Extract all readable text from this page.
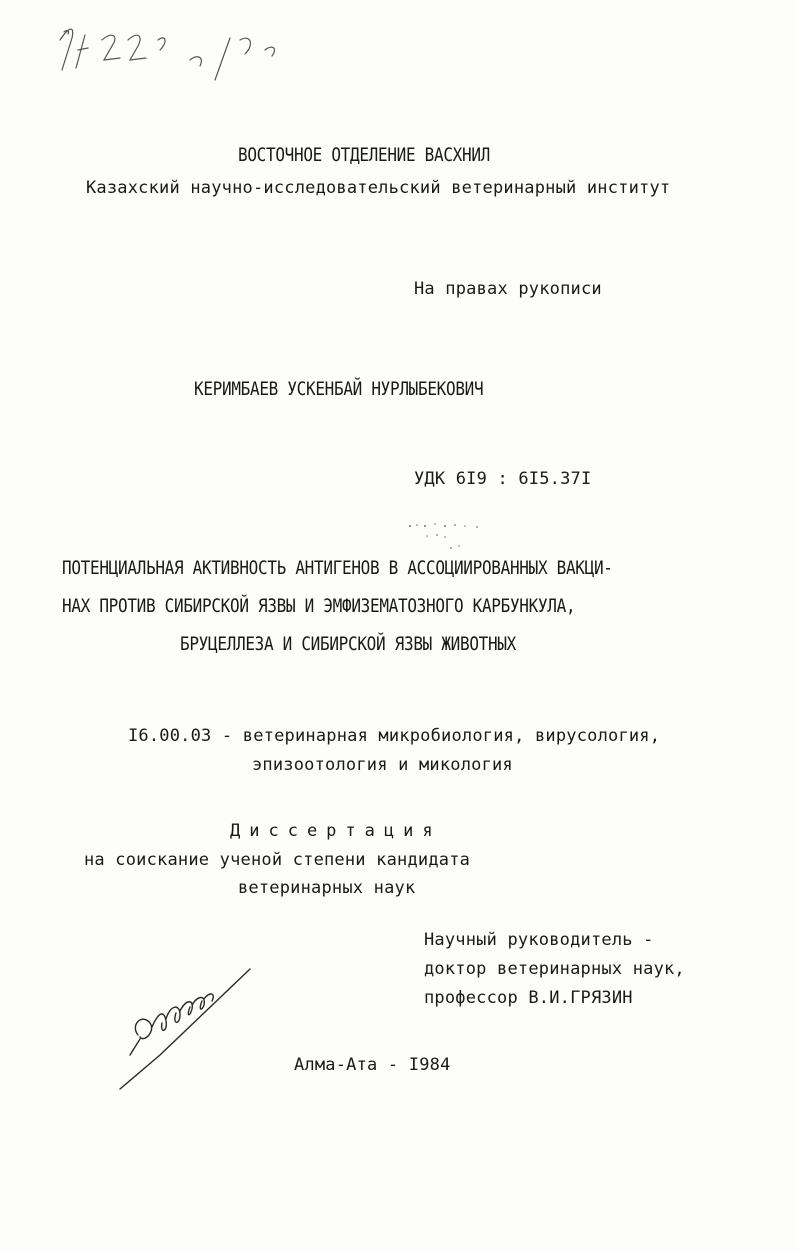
ВОСТОЧНОЕ ОТДЕЛЕНИЕ ВАСХНИЛ
Казахский научно-исследовательский ветеринарный институт
На правах рукописи
КЕРИМБАЕВ УСКЕНБАЙ НУРЛЫБЕКОВИЧ
УДК 6I9 : 6I5.37I
ПОТЕНЦИАЛЬНАЯ АКТИВНОСТЬ АНТИГЕНОВ В АССОЦИИРОВАННЫХ ВАКЦИ-
НАХ ПРОТИВ СИБИРСКОЙ ЯЗВЫ И ЭМФИЗЕМАТОЗНОГО КАРБУНКУЛА,
БРУЦЕЛЛЕЗА И СИБИРСКОЙ ЯЗВЫ ЖИВОТНЫХ
I6.00.03 - ветеринарная микробиология, вирусология,
эпизоотология и микология
Диссертация
на соискание ученой степени кандидата
ветеринарных наук
Научный руководитель -
доктор ветеринарных наук,
профессор В.И.ГРЯЗИН
Алма-Ата - I984
